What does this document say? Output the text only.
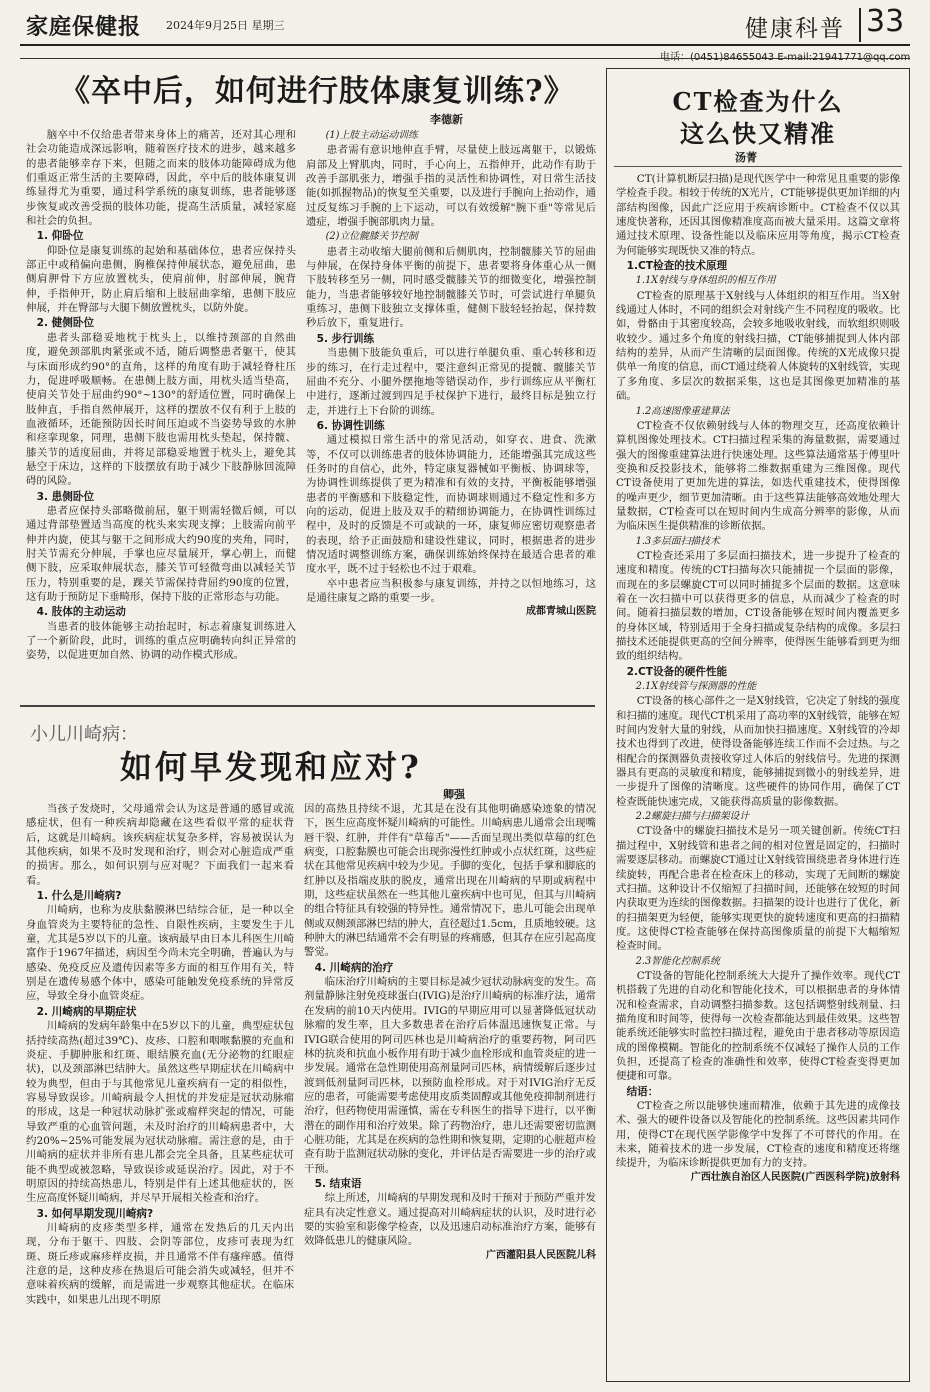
家庭保健报 2024年9月25日 星期三	健康科普 33
《卒中后，如何进行肢体康复训练?》
李德新

脑卒中不仅给患者带来身体上的痛苦，还对其心理和社会功能造成深远影响，随着医疗技术的进步，越来越多的患者能够幸存下来，但随之而来的肢体功能障碍成为他们重返正常生活的主要障碍，因此，卒中后的肢体康复训练显得尤为重要，通过科学系统的康复训练，患者能够逐步恢复或改善受损的肢体功能，提高生活质量，减轻家庭和社会的负担。

1. 仰卧位

仰卧位是康复训练的起始和基础体位，患者应保持头部正中或稍偏向患侧，胸椎保持伸展状态，避免屈曲，患侧肩胛骨下方应放置枕头，使肩前伸，肘部伸展，腕背伸，手指伸开，防止肩后缩和上肢屈曲挛缩，患侧下肢应伸展，并在臀部与大腿下侧放置枕头，以防外旋。

2. 健侧卧位

患者头部稳妥地枕于枕头上，以维持颈部的自然曲度，避免颈部肌肉紧张或不适，随后调整患者躯干，使其与床面形成约90°的直角，这样的角度有助于减轻脊柱压力，促进呼吸顺畅。在患侧上肢方面，用枕头适当垫高，使肩关节处于屈曲约90°~130°的舒适位置，同时确保上肢伸直，手指自然伸展开，这样的摆放不仅有利于上肢的血液循环，还能预防因长时间压迫或不当姿势导致的水肿和痉挛现象，同理，患侧下肢也需用枕头垫起，保持髋、膝关节的适度屈曲，并将足部稳妥地置于枕头上，避免其悬空于床边，这样的下肢摆放有助于减少下肢静脉回流障碍的风险。

3. 患侧卧位

患者应保持头部略微前屈，躯干则需轻微后倾，可以通过背部垫置适当高度的枕头来实现支撑；上肢需向前平伸并内旋，使其与躯干之间形成大约90度的夹角，同时，肘关节需充分伸展，手掌也应尽量展开，掌心朝上，而健侧下肢，应采取伸展状态，膝关节可轻微弯曲以减轻关节压力，特别重要的是，踝关节需保持背屈约90度的位置，这有助于预防足下垂畸形，保持下肢的正常形态与功能。

4. 肢体的主动运动

当患者的肢体能够主动抬起时，标志着康复训练进入了一个新阶段，此时，训练的重点应明确转向纠正异常的姿势，以促进更加自然、协调的动作模式形成。

(1)上肢主动运动训练

患者需有意识地伸直手臂，尽量使上肢远离躯干，以锻炼肩部及上臂肌肉，同时，手心向上，五指伸开，此动作有助于改善手部肌张力，增强手指的灵活性和协调性，对日常生活技能(如抓握物品)的恢复至关重要，以及进行手腕向上抬动作，通过反复练习手腕的上下运动，可以有效缓解"腕下垂"等常见后遗症，增强手腕部肌肉力量。

(2)立位髋膝关节控制

患者主动收缩大腿前侧和后侧肌肉，控制髋膝关节的屈曲与伸展，在保持身体平衡的前提下，患者要将身体重心从一侧下肢转移至另一侧，同时感受髋膝关节的细微变化，增强控制能力，当患者能够较好地控制髋膝关节时，可尝试进行单腿负重练习，患侧下肢独立支撑体重，健侧下肢轻轻抬起，保持数秒后放下，重复进行。

5. 步行训练

当患侧下肢能负重后，可以进行单腿负重、重心转移和迈步的练习，在行走过程中，要注意纠正常见的提髋、髋膝关节屈曲不充分、小腿外摆拖地等错误动作，步行训练应从平衡杠中进行，逐渐过渡到四足手杖保护下进行，最终目标是独立行走，并进行上下台阶的训练。

6. 协调性训练

通过模拟日常生活中的常见活动，如穿衣、进食、洗漱等，不仅可以训练患者的肢体协调能力，还能增强其完成这些任务时的自信心，此外，特定康复器械如平衡板、协调球等，为协调性训练提供了更为精准和有效的支持，平衡板能够增强患者的平衡感和下肢稳定性，而协调球则通过不稳定性和多方向的运动，促进上肢及双手的精细协调能力，在协调性训练过程中，及时的反馈是不可或缺的一环，康复师应密切观察患者的表现，给予正面鼓励和建设性建议，同时，根据患者的进步情况适时调整训练方案，确保训练始终保持在最适合患者的难度水平，既不过于轻松也不过于艰难。

卒中患者应当积极参与康复训练，并持之以恒地练习，这是通往康复之路的重要一步。

成都青城山医院

小儿川崎病：
如何早发现和应对?
卿强

当孩子发烧时，父母通常会认为这是普通的感冒或流感症状，但有一种疾病却隐藏在这些看似平常的症状背后，这就是川崎病。该疾病症状复杂多样，容易被误认为其他疾病，如果不及时发现和治疗，则会对心脏造成严重的损害。那么，如何识别与应对呢？下面我们一起来看看。

1. 什么是川崎病?

川崎病，也称为皮肤黏膜淋巴结综合征，是一种以全身血管炎为主要特征的急性、自限性疾病，主要发生于儿童，尤其是5岁以下的儿童。该病最早由日本儿科医生川崎富作于1967年描述，病因至今尚未完全明确，普遍认为与感染、免疫反应及遗传因素等多方面的相互作用有关，特别是在遗传易感个体中，感染可能触发免疫系统的异常反应，导致全身小血管炎症。

2. 川崎病的早期症状

川崎病的发病年龄集中在5岁以下的儿童，典型症状包括持续高热(超过39℃)、皮疹、口腔和咽喉黏膜的充血和炎症、手脚肿胀和红斑、眼结膜充血(无分泌物的红眼症状)，以及颈部淋巴结肿大。虽然这些早期症状在川崎病中较为典型，但由于与其他常见儿童疾病有一定的相似性，容易导致误诊。川崎病最令人担忧的并发症是冠状动脉瘤的形成，这是一种冠状动脉扩张或瘤样突起的情况，可能导致严重的心血管问题，未及时治疗的川崎病患者中，大约20%~25%可能发展为冠状动脉瘤。需注意的是，由于川崎病的症状并非所有患儿都会完全具备，且某些症状可能不典型或被忽略，导致误诊或延误治疗。因此，对于不明原因的持续高热患儿，特别是伴有上述其他症状的，医生应高度怀疑川崎病，并尽早开展相关检查和治疗。

3. 如何早期发现川崎病?

川崎病的皮疹类型多样，通常在发热后的几天内出现，分布于躯干、四肢、会阴等部位，皮疹可表现为红斑、斑丘疹或麻疹样皮损，并且通常不伴有瘙痒感。值得注意的是，这种皮疹在热退后可能会消失或减轻，但并不意味着疾病的缓解，而是需进一步观察其他症状。在临床实践中，如果患儿出现不明原

因的高热且持续不退，尤其是在没有其他明确感染迹象的情况下，医生应高度怀疑川崎病的可能性。川崎病患儿通常会出现嘴唇干裂、红肿，并伴有"草莓舌"——舌面呈现出类似草莓的红色病变，口腔黏膜也可能会出现弥漫性红肿或小点状红斑，这些症状在其他常见疾病中较为少见。手脚的变化，包括手掌和脚底的红肿以及指端皮肤的脱皮，通常出现在川崎病的早期或病程中期，这些症状虽然在一些其他儿童疾病中也可见，但其与川崎病的组合特征具有较强的特异性。通常情况下，患儿可能会出现单侧或双侧颈部淋巴结的肿大，直径超过1.5cm，且质地较硬。这种肿大的淋巴结通常不会有明显的疼痛感，但其存在应引起高度警觉。

4. 川崎病的治疗

临床治疗川崎病的主要目标是减少冠状动脉病变的发生。高剂量静脉注射免疫球蛋白(IVIG)是治疗川崎病的标准疗法，通常在发病的前10天内使用。IVIG的早期应用可以显著降低冠状动脉瘤的发生率，且大多数患者在治疗后体温迅速恢复正常。与IVIG联合使用的阿司匹林也是川崎病治疗的重要药物，阿司匹林的抗炎和抗血小板作用有助于减少血栓形成和血管炎症的进一步发展。通常在急性期使用高剂量阿司匹林，病情缓解后逐步过渡到低剂量阿司匹林，以预防血栓形成。对于对IVIG治疗无反应的患者，可能需要考虑使用皮质类固醇或其他免疫抑制剂进行治疗，但药物使用需谨慎，需在专科医生的指导下进行，以平衡潜在的副作用和治疗效果。除了药物治疗，患儿还需要密切监测心脏功能，尤其是在疾病的急性期和恢复期，定期的心脏超声检查有助于监测冠状动脉的变化，并评估是否需要进一步的治疗或干预。

5. 结束语

综上所述，川崎病的早期发现和及时干预对于预防严重并发症具有决定性意义。通过提高对川崎病症状的认识，及时进行必要的实验室和影像学检查，以及迅速启动标准治疗方案，能够有效降低患儿的健康风险。

广西灌阳县人民医院儿科

CT检查为什么
这么快又精准
汤菁

CT(计算机断层扫描)是现代医学中一种常见且重要的影像学检查手段。相较于传统的X光片，CT能够提供更加详细的内部结构图像，因此广泛应用于疾病诊断中。CT检查不仅以其速度快著称，还因其图像精准度高而被大量采用。这篇文章将通过技术原理、设备性能以及临床应用等角度，揭示CT检查为何能够实现既快又准的特点。

1.CT检查的技术原理
1.1X射线与身体组织的相互作用

CT检查的原理基于X射线与人体组织的相互作用。当X射线通过人体时，不同的组织会对射线产生不同程度的吸收。比如，骨骼由于其密度较高，会较多地吸收射线，而软组织则吸收较少。通过多个角度的射线扫描，CT能够捕捉到人体内部结构的差异，从而产生清晰的层面图像。传统的X光成像只提供单一角度的信息，而CT通过绕着人体旋转的X射线管，实现了多角度、多层次的数据采集，这也是其图像更加精准的基础。

1.2高速图像重建算法

CT检查不仅依赖射线与人体的物理交互，还高度依赖计算机图像处理技术。CT扫描过程采集的海量数据，需要通过强大的图像重建算法进行快速处理。这些算法通常基于傅里叶变换和反投影技术，能够将二维数据重建为三维图像。现代CT设备使用了更加先进的算法，如迭代重建技术，使得图像的噪声更少，细节更加清晰。由于这些算法能够高效地处理大量数据，CT检查可以在短时间内生成高分辨率的影像，从而为临床医生提供精准的诊断依据。

1.3多层面扫描技术

CT检查还采用了多层面扫描技术，进一步提升了检查的速度和精度。传统的CT扫描每次只能捕捉一个层面的影像，而现在的多层螺旋CT可以同时捕捉多个层面的数据。这意味着在一次扫描中可以获得更多的信息，从而减少了检查的时间。随着扫描层数的增加，CT设备能够在短时间内覆盖更多的身体区域，特别适用于全身扫描或复杂结构的成像。多层扫描技术还能提供更高的空间分辨率，使得医生能够看到更为细致的组织结构。

2.CT设备的硬件性能
2.1X射线管与探测器的性能

CT设备的核心部件之一是X射线管，它决定了射线的强度和扫描的速度。现代CT机采用了高功率的X射线管，能够在短时间内发射大量的射线，从而加快扫描速度。X射线管的冷却技术也得到了改进，使得设备能够连续工作而不会过热。与之相配合的探测器负责接收穿过人体后的射线信号。先进的探测器具有更高的灵敏度和精度，能够捕捉到微小的射线差异，进一步提升了图像的清晰度。这些硬件的协同作用，确保了CT检查既能快速完成，又能获得高质量的影像数据。

2.2螺旋扫描与扫描架设计

CT设备中的螺旋扫描技术是另一项关键创新。传统CT扫描过程中，X射线管和患者之间的相对位置是固定的，扫描时需要逐层移动。而螺旋CT通过让X射线管围绕患者身体进行连续旋转，再配合患者在检查床上的移动，实现了无间断的螺旋式扫描。这种设计不仅缩短了扫描时间，还能够在较短的时间内获取更为连续的图像数据。扫描架的设计也进行了优化，新的扫描架更为轻便，能够实现更快的旋转速度和更高的扫描精度。这使得CT检查能够在保持高图像质量的前提下大幅缩短检查时间。

2.3智能化控制系统

CT设备的智能化控制系统大大提升了操作效率。现代CT机搭载了先进的自动化和智能化技术，可以根据患者的身体情况和检查需求，自动调整扫描参数。这包括调整射线剂量、扫描角度和时间等，使得每一次检查都能达到最佳效果。这些智能系统还能够实时监控扫描过程，避免由于患者移动等原因造成的图像模糊。智能化的控制系统不仅减轻了操作人员的工作负担，还提高了检查的准确性和效率，使得CT检查变得更加便捷和可靠。

结语：

CT检查之所以能够快速而精准，依赖于其先进的成像技术、强大的硬件设备以及智能化的控制系统。这些因素共同作用，使得CT在现代医学影像学中发挥了不可替代的作用。在未来，随着技术的进一步发展，CT检查的速度和精度还将继续提升，为临床诊断提供更加有力的支持。

广西壮族自治区人民医院(广西医科学院)放射科
